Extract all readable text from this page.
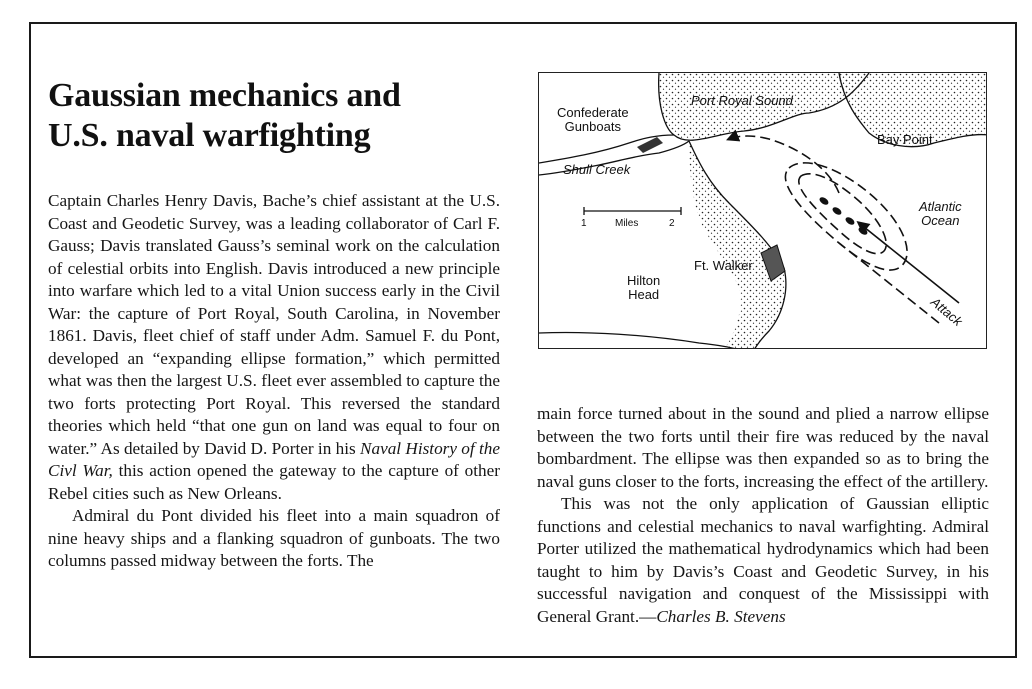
Gaussian mechanics and
U.S. naval warfighting

Captain Charles Henry Davis, Bache’s chief assistant at the U.S. Coast and Geodetic Survey, was a leading collaborator of Carl F. Gauss; Davis translated Gauss’s seminal work on the calculation of celestial orbits into English. Davis introduced a new principle into warfare which led to a vital Union success early in the Civil War: the capture of Port Royal, South Carolina, in November 1861. Davis, fleet chief of staff under Adm. Samuel F. du Pont, developed an “expanding ellipse formation,” which permitted what was then the largest U.S. fleet ever assembled to capture the two forts protecting Port Royal. This reversed the standard theories which held “that one gun on land was equal to four on water.” As detailed by David D. Porter in his Naval History of the Civl War, this action opened the gateway to the capture of other Rebel cities such as New Orleans.

Admiral du Pont divided his fleet into a main squadron of nine heavy ships and a flanking squadron of gunboats. The two columns passed midway between the forts. The

Confederate
Gunboats
Port Royal Sound
Bay Point
Shull Creek
Atlantic
Ocean
1	Miles	2
Ft. Walker
Hilton
Head	Attack

main force turned about in the sound and plied a narrow ellipse between the two forts until their fire was reduced by the naval bombardment. The ellipse was then expanded so as to bring the naval guns closer to the forts, increasing the effect of the artillery.

This was not the only application of Gaussian elliptic functions and celestial mechanics to naval warfighting. Admiral Porter utilized the mathematical hydrodynamics which had been taught to him by Davis’s Coast and Geodetic Survey, in his successful navigation and conquest of the Mississippi with General Grant.—Charles B. Stevens
